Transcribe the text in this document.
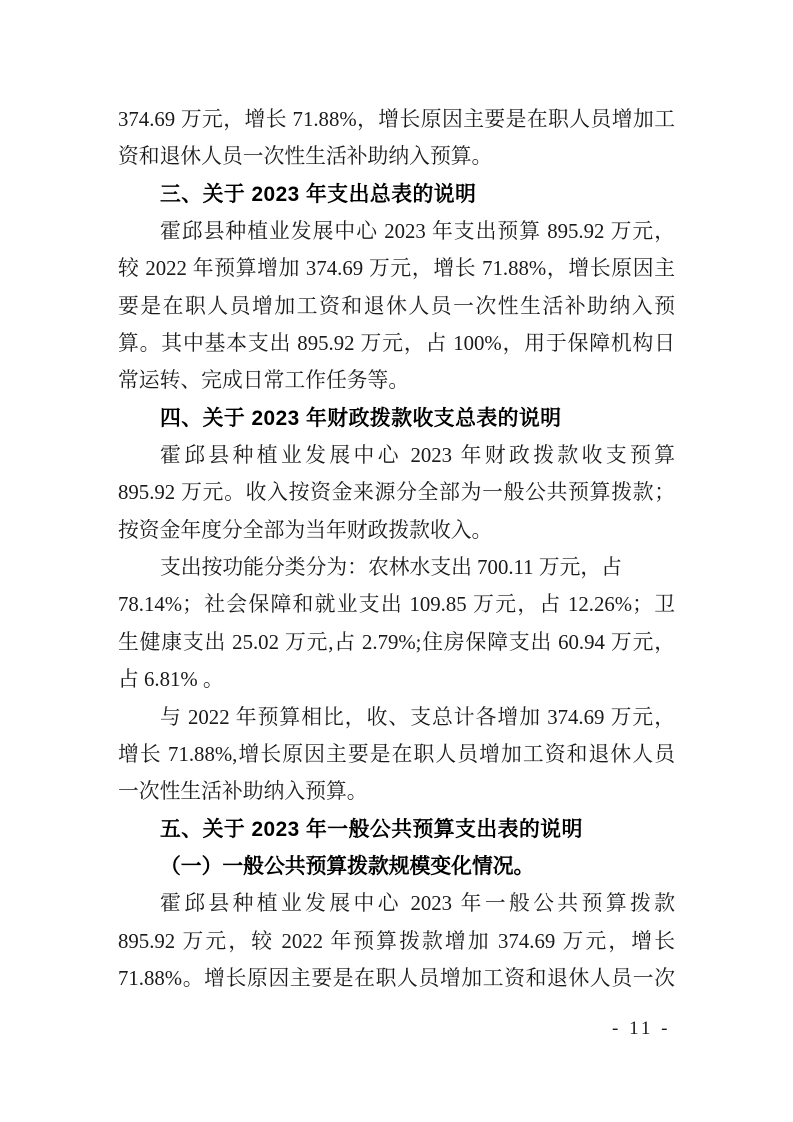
374.69 万元，增长 71.88%，增长原因主要是在职人员增加工
资和退休人员一次性生活补助纳入预算。
三、关于 2023 年支出总表的说明
霍邱县种植业发展中心 2023 年支出预算 895.92 万元，
较 2022 年预算增加 374.69 万元，增长 71.88%，增长原因主
要是在职人员增加工资和退休人员一次性生活补助纳入预
算。其中基本支出 895.92 万元，占 100%，用于保障机构日
常运转、完成日常工作任务等。
四、关于 2023 年财政拨款收支总表的说明
霍邱县种植业发展中心 2023 年财政拨款收支预算
895.92 万元。收入按资金来源分全部为一般公共预算拨款；
按资金年度分全部为当年财政拨款收入。
支出按功能分类分为：农林水支出 700.11 万元，占
78.14%；社会保障和就业支出 109.85 万元，占 12.26%；卫
生健康支出 25.02 万元,占 2.79%;住房保障支出 60.94 万元，
占 6.81% 。
与 2022 年预算相比，收、支总计各增加 374.69 万元，
增长 71.88%,增长原因主要是在职人员增加工资和退休人员
一次性生活补助纳入预算。
五、关于 2023 年一般公共预算支出表的说明
（一）一般公共预算拨款规模变化情况。
霍邱县种植业发展中心 2023 年一般公共预算拨款
895.92 万元，较 2022 年预算拨款增加 374.69 万元，增长
71.88%。增长原因主要是在职人员增加工资和退休人员一次
- 11 -
